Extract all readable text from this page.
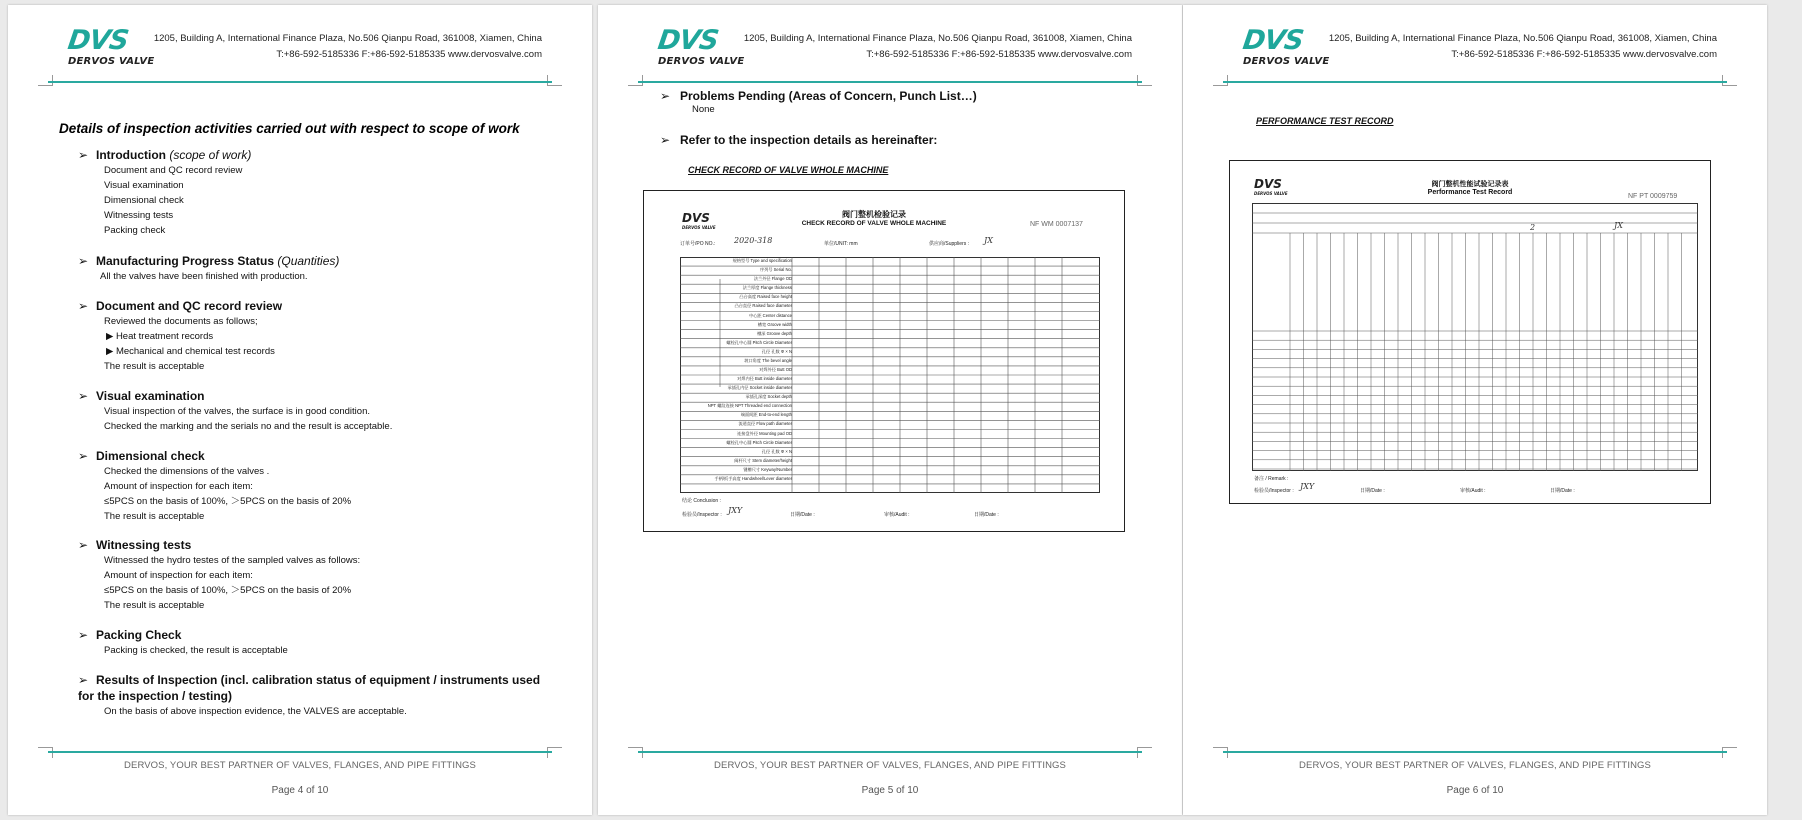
DVS
DERVOS VALVE
1205, Building A, International Finance Plaza, No.506 Qianpu Road, 361008, Xiamen, China
T:+86-592-5185336 F:+86-592-5185335 www.dervosvalve.com
Details of inspection activities carried out with respect to scope of work
➢ Introduction (scope of work)
Document and QC record review
Visual examination
Dimensional check
Witnessing tests
Packing check
➢ Manufacturing Progress Status (Quantities)
All the valves have been finished with production.
➢ Document and QC record review
Reviewed the documents as follows;
▶ Heat treatment records
▶ Mechanical and chemical test records
The result is acceptable
➢ Visual examination
Visual inspection of the valves, the surface is in good condition.
Checked the marking and the serials no and the result is acceptable.
➢ Dimensional check
Checked the dimensions of the valves .
Amount of inspection for each item:
≤5PCS on the basis of 100%, ＞5PCS on the basis of 20%
The result is acceptable
➢ Witnessing tests
Witnessed the hydro testes of the sampled valves as follows:
Amount of inspection for each item:
≤5PCS on the basis of 100%, ＞5PCS on the basis of 20%
The result is acceptable
➢ Packing Check
Packing is checked, the result is acceptable
➢ Results of Inspection (incl. calibration status of equipment / instruments used for the inspection / testing)
On the basis of above inspection evidence, the VALVES are acceptable.
DERVOS, YOUR BEST PARTNER OF VALVES, FLANGES, AND PIPE FITTINGS
Page 4 of 10
DVS
DERVOS VALVE
1205, Building A, International Finance Plaza, No.506 Qianpu Road, 361008, Xiamen, China
T:+86-592-5185336 F:+86-592-5185335 www.dervosvalve.com
➢ Problems Pending (Areas of Concern, Punch List…)
None
➢ Refer to the inspection details as hereinafter:
CHECK RECORD OF VALVE WHOLE MACHINE
DVS
DERVOS VALVE
阀门整机检验记录
CHECK RECORD OF VALVE WHOLE MACHINE	NF WM 0007137
订单号/PO NO.: 2020-318	单位/UNIT: mm	供应商/Suppliers : JX
规格型号 Type and specification
序列号 Serial No.
法兰外径 Flange OD
法兰厚度 Flange thickness
凸台高度 Raised face height
凸台直径 Raised face diameter
中心距 Center distance
槽宽 Groove width
槽深 Groove depth
螺栓孔中心圆 Pitch Circle Diameter
孔径 孔数 Φ × N
坡口角度 The bevel angle
对焊外径 Butt OD
对焊内径 Butt inside diameter
承插孔内径 Socket inside diameter
承插孔深度 Socket depth
NPT 螺纹连接 NPT Threaded end connection
端面间距 End-to-end length
流道直径 Flow path diameter
连接盘外径 Mounting pad OD
螺栓孔中心圆 Pitch Circle Diameter
孔径 孔数 Φ × N
阀杆尺寸 Stem diameter/height
键槽尺寸 Keyway/Number
手柄/扳手高度 Handwheel/Lever diameter
结论 Conclusion :
检验员/Inspector : JXY	日期/Date :	审核/Audit :	日期/Date :
DERVOS, YOUR BEST PARTNER OF VALVES, FLANGES, AND PIPE FITTINGS
Page 5 of 10
DVS
DERVOS VALVE
1205, Building A, International Finance Plaza, No.506 Qianpu Road, 361008, Xiamen, China
T:+86-592-5185336 F:+86-592-5185335 www.dervosvalve.com
PERFORMANCE TEST RECORD
DVS
DERVOS VALVE
阀门整机性能试验记录表
Performance Test Record
NF PT 0009759
2	JX
备注 / Remark :
检验员/Inspector : JXY	日期/Date :	审核/Audit :	日期/Date :
DERVOS, YOUR BEST PARTNER OF VALVES, FLANGES, AND PIPE FITTINGS
Page 6 of 10
